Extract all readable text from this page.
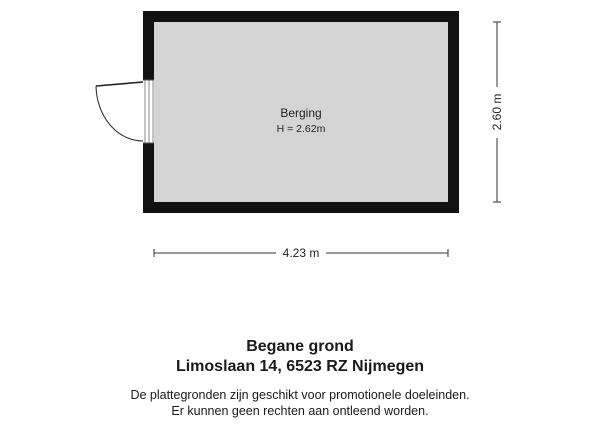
Berging
H = 2.62m
4.23 m
2.60 m
Begane grond
Limoslaan 14, 6523 RZ Nijmegen
De plattegronden zijn geschikt voor promotionele doeleinden.
Er kunnen geen rechten aan ontleend worden.
